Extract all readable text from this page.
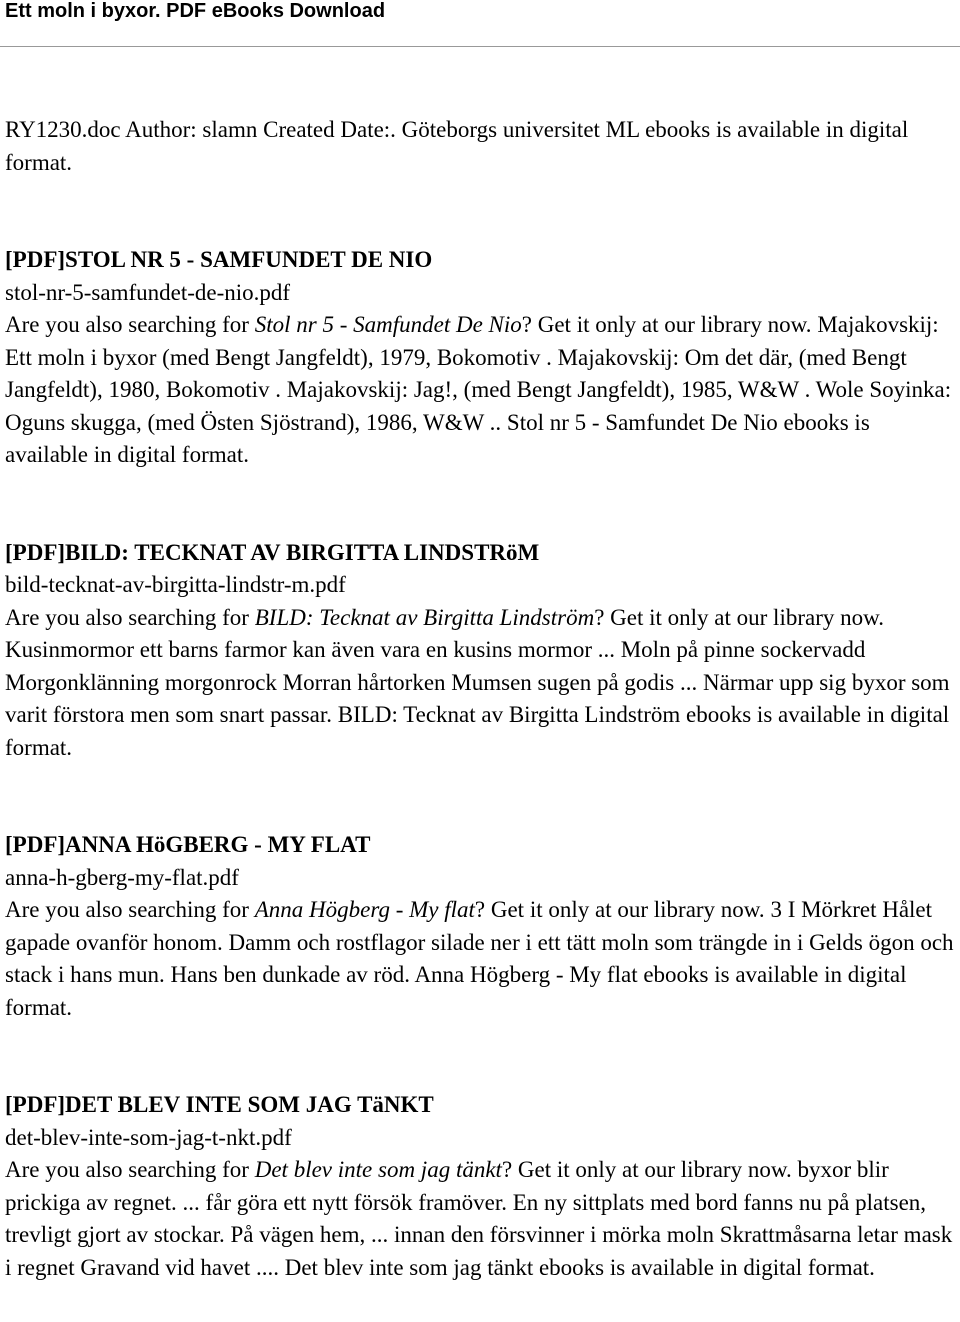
Ett moln i byxor. PDF eBooks Download

RY1230.doc Author: slamn Created Date:. Göteborgs universitet ML ebooks is available in digital format.

[PDF]STOL NR 5 - SAMFUNDET DE NIO

stol-nr-5-samfundet-de-nio.pdf

Are you also searching for Stol nr 5 - Samfundet De Nio? Get it only at our library now. Majakovskij: Ett moln i byxor (med Bengt Jangfeldt), 1979, Bokomotiv . Majakovskij: Om det där, (med Bengt Jangfeldt), 1980, Bokomotiv . Majakovskij: Jag!, (med Bengt Jangfeldt), 1985, W&W . Wole Soyinka: Oguns skugga, (med Östen Sjöstrand), 1986, W&W .. Stol nr 5 - Samfundet De Nio ebooks is available in digital format.

[PDF]BILD: TECKNAT AV BIRGITTA LINDSTRöM

bild-tecknat-av-birgitta-lindstr-m.pdf

Are you also searching for BILD: Tecknat av Birgitta Lindström? Get it only at our library now. Kusinmormor ett barns farmor kan även vara en kusins mormor ... Moln på pinne sockervadd Morgonklänning morgonrock Morran hårtorken Mumsen sugen på godis ... Närmar upp sig byxor som varit förstora men som snart passar. BILD: Tecknat av Birgitta Lindström ebooks is available in digital format.

[PDF]ANNA HöGBERG - MY FLAT

anna-h-gberg-my-flat.pdf

Are you also searching for Anna Högberg - My flat? Get it only at our library now. 3 I Mörkret Hålet gapade ovanför honom. Damm och rostflagor silade ner i ett tätt moln som trängde in i Gelds ögon och stack i hans mun. Hans ben dunkade av röd. Anna Högberg - My flat ebooks is available in digital format.

[PDF]DET BLEV INTE SOM JAG TäNKT

det-blev-inte-som-jag-t-nkt.pdf

Are you also searching for Det blev inte som jag tänkt? Get it only at our library now. byxor blir prickiga av regnet. ... får göra ett nytt försök framöver. En ny sittplats med bord fanns nu på platsen, trevligt gjort av stockar. På vägen hem, ... innan den försvinner i mörka moln Skrattmåsarna letar mask i regnet Gravand vid havet .... Det blev inte som jag tänkt ebooks is available in digital format.
